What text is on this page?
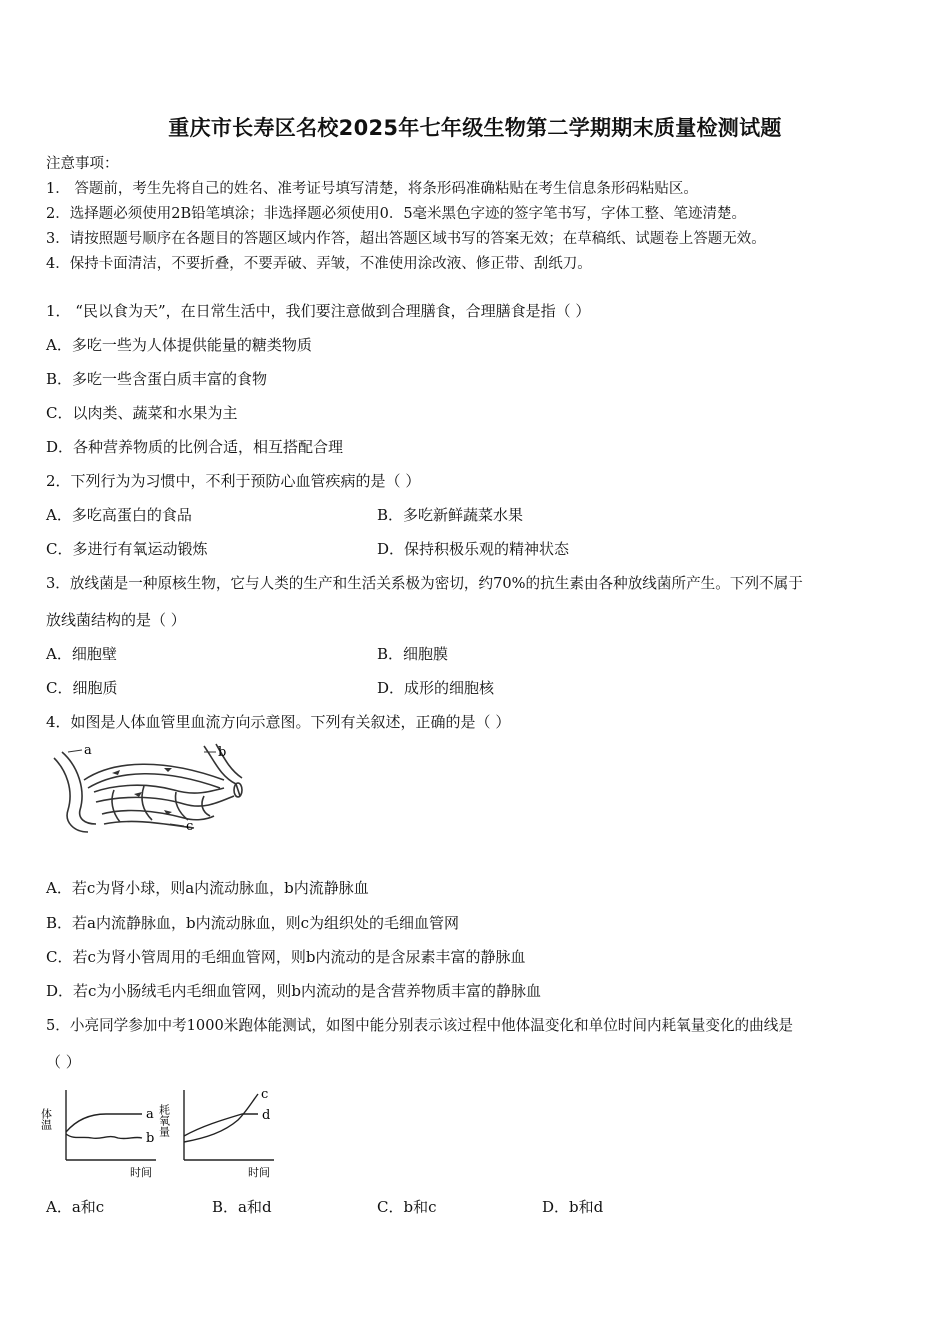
重庆市长寿区名校2025年七年级生物第二学期期末质量检测试题
注意事项：
1． 答题前，考生先将自己的姓名、准考证号填写清楚，将条形码准确粘贴在考生信息条形码粘贴区。
2．选择题必须使用2B铅笔填涂；非选择题必须使用0．5毫米黑色字迹的签字笔书写，字体工整、笔迹清楚。
3．请按照题号顺序在各题目的答题区域内作答，超出答题区域书写的答案无效；在草稿纸、试题卷上答题无效。
4．保持卡面清洁，不要折叠，不要弄破、弄皱，不准使用涂改液、修正带、刮纸刀。
1． “民以食为天”，在日常生活中，我们要注意做到合理膳食，合理膳食是指（ ）
A．多吃一些为人体提供能量的糖类物质
B．多吃一些含蛋白质丰富的食物
C．以肉类、蔬菜和水果为主
D．各种营养物质的比例合适，相互搭配合理
2．下列行为为习惯中，不利于预防心血管疾病的是（ ）
A．多吃高蛋白的食品	B．多吃新鲜蔬菜水果
C．多进行有氧运动锻炼	D．保持积极乐观的精神状态
3．放线菌是一种原核生物，它与人类的生产和生活关系极为密切，约70%的抗生素由各种放线菌所产生。下列不属于
放线菌结构的是（ ）
A．细胞壁	B．细胞膜
C．细胞质	D．成形的细胞核
4．如图是人体血管里血流方向示意图。下列有关叙述，正确的是（ ）
a	b
c
A．若c为肾小球，则a内流动脉血，b内流静脉血
B．若a内流静脉血，b内流动脉血，则c为组织处的毛细血管网
C．若c为肾小管周用的毛细血管网，则b内流动的是含尿素丰富的静脉血
D．若c为小肠绒毛内毛细血管网，则b内流动的是含营养物质丰富的静脉血
5．小亮同学参加中考1000米跑体能测试，如图中能分别表示该过程中他体温变化和单位时间内耗氧量变化的曲线是
（ ）
体温
时间
a
b
耗氧量
时间
c
d
A．a和c	B．a和d	C．b和c	D．b和d
